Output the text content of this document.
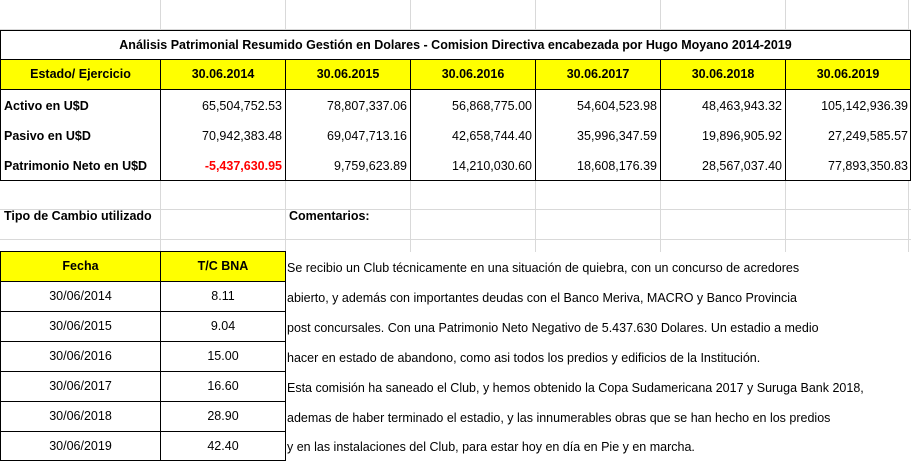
Análisis Patrimonial Resumido Gestión en Dolares - Comision Directiva encabezada por Hugo Moyano 2014-2019
Estado/ Ejercicio	30.06.2014	30.06.2015	30.06.2016	30.06.2017	30.06.2018	30.06.2019
Activo en U$D	65,504,752.53	78,807,337.06	56,868,775.00	54,604,523.98	48,463,943.32	105,142,936.39
Pasivo en U$D	70,942,383.48	69,047,713.16	42,658,744.40	35,996,347.59	19,896,905.92	27,249,585.57
Patrimonio Neto en U$D	-5,437,630.95	9,759,623.89	14,210,030.60	18,608,176.39	28,567,037.40	77,893,350.83
Tipo de Cambio utilizado	Comentarios:
Fecha	T/C BNA
30/06/2014	8.11
30/06/2015	9.04
30/06/2016	15.00
30/06/2017	16.60
30/06/2018	28.90
30/06/2019	42.40
Se recibio un Club técnicamente en una situación de quiebra, con un concurso de acredores
abierto, y además con importantes deudas con el Banco Meriva, MACRO y Banco Provincia
post concursales. Con una Patrimonio Neto Negativo de 5.437.630 Dolares. Un estadio a medio
hacer en estado de abandono, como asi todos los predios y edificios de la Institución.
Esta comisión ha saneado el Club, y hemos obtenido la Copa Sudamericana 2017 y Suruga Bank 2018,
ademas de haber terminado el estadio, y las innumerables obras que se han hecho en los predios
y en las instalaciones del Club, para estar hoy en día en Pie y en marcha.
